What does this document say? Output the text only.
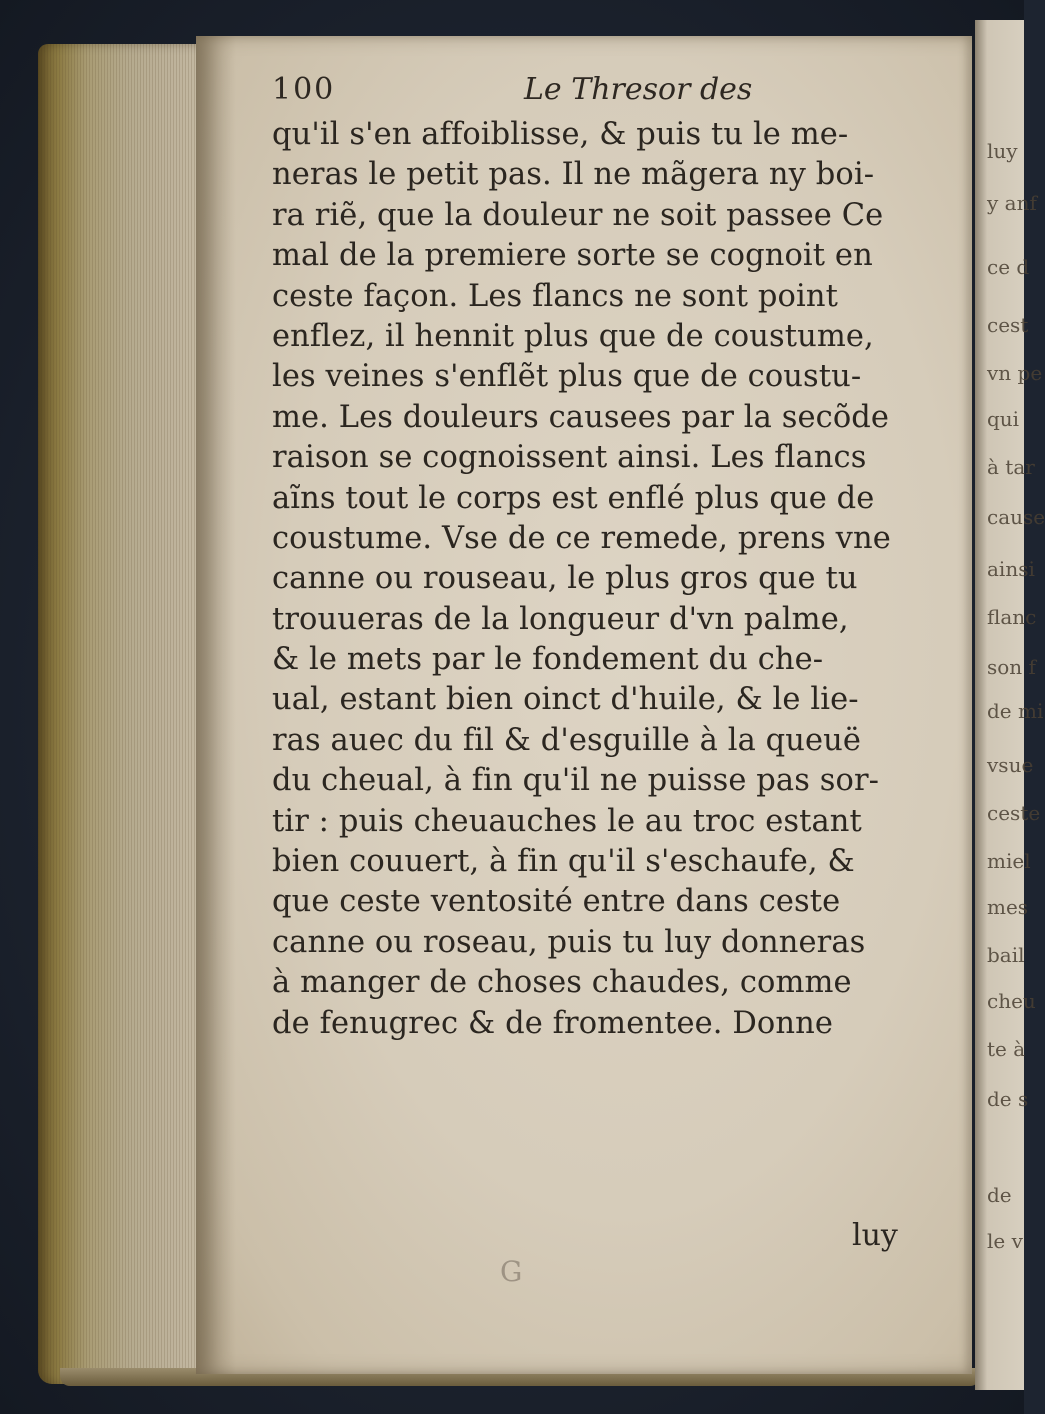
luy
y anf
ce d
cest
vn pe
qui
à tar
cause
ainsi
flanc
son f
de mi
vsue
ceste
miel
mes
bail
cheu
te à
de s
de
le v
100	Le Thresor des
qu'il s'en affoiblisse, & puis tu le me-
neras le petit pas. Il ne mãgera ny boi-
ra riẽ, que la douleur ne soit passee Ce
mal de la premiere sorte se cognoit en
ceste façon. Les flancs ne sont point
enflez, il hennit plus que de coustume,
les veines s'enflẽt plus que de coustu-
me. Les douleurs causees par la secõde
raison se cognoissent ainsi. Les flancs
aĩns tout le corps est enflé plus que de
coustume. Vse de ce remede, prens vne
canne ou rouseau, le plus gros que tu
trouueras de la longueur d'vn palme,
& le mets par le fondement du che-
ual, estant bien oinct d'huile, & le lie-
ras auec du fil & d'esguille à la queuë
du cheual, à fin qu'il ne puisse pas sor-
tir : puis cheuauches le au troc estant
bien couuert, à fin qu'il s'eschaufe, &
que ceste ventosité entre dans ceste
canne ou roseau, puis tu luy donneras
à manger de choses chaudes, comme
de fenugrec & de fromentee. Donne
luy
G
